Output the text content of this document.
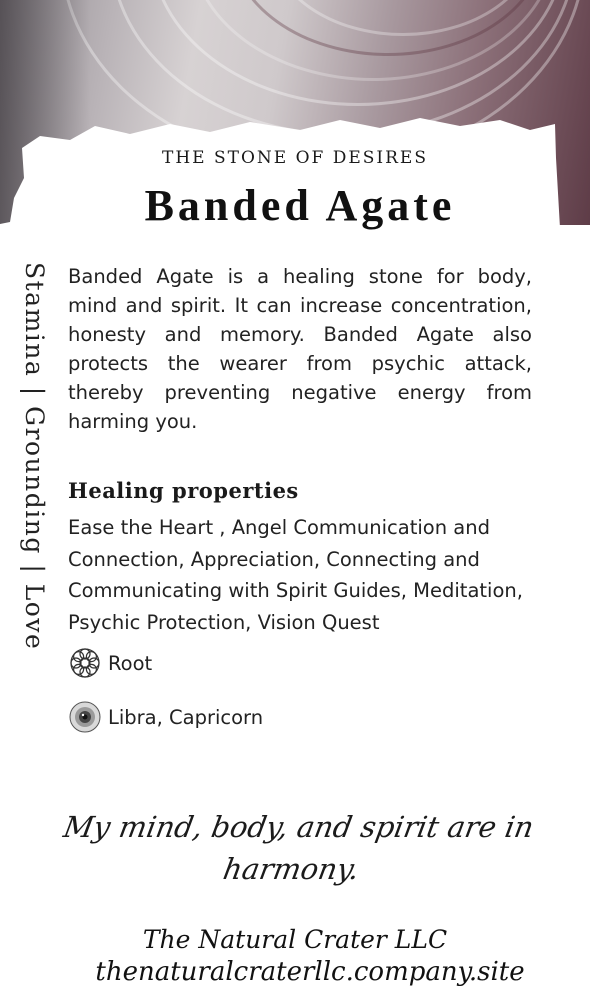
THE STONE OF DESIRES
Banded Agate
Stamina | Grounding | Love Banded Agate is a healing stone for body, mind and spirit. It can increase concentration, honesty and memory. Banded Agate also protects the wearer from psychic attack, thereby preventing negative energy from harming you.
Healing properties
Ease the Heart , Angel Communication and Connection, Appreciation, Connecting and Communicating with Spirit Guides, Meditation, Psychic Protection, Vision Quest
Root
Libra, Capricorn
My mind, body, and spirit are in harmony.
The Natural Crater LLC
thenaturalcraterllc.company.site
